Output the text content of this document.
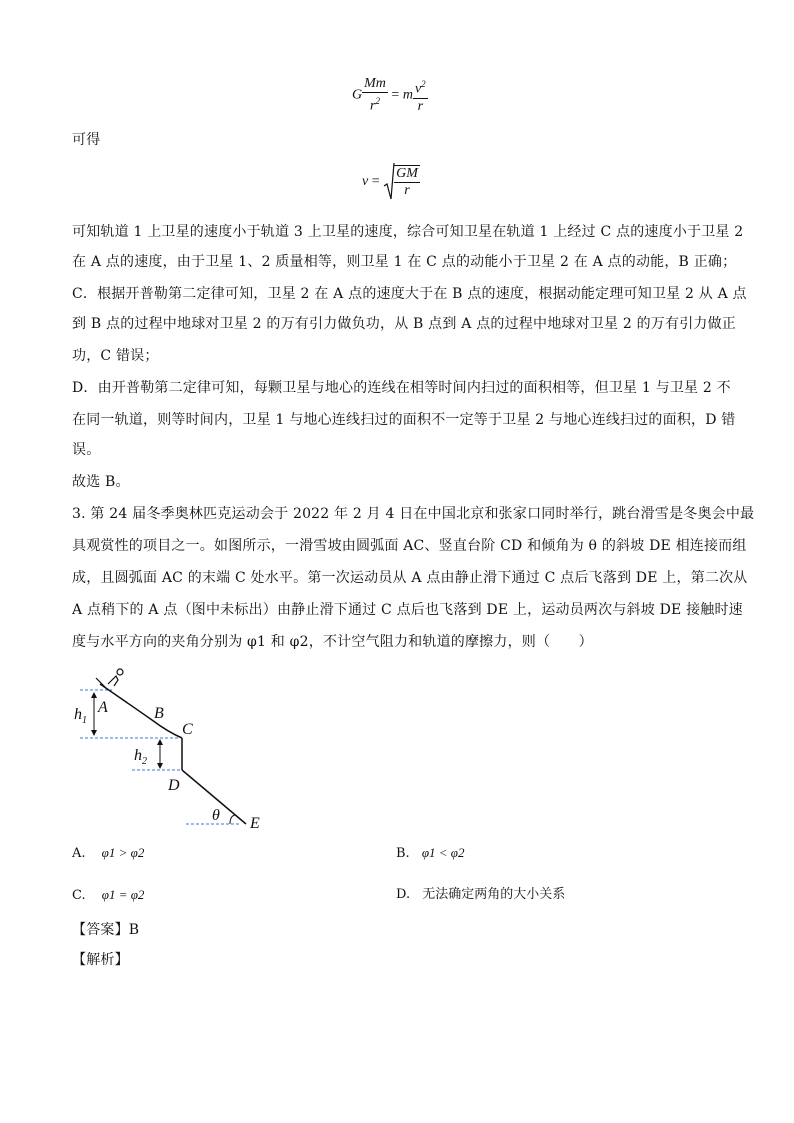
G $\frac{Mm}{r^2} = m \frac{v^2}{r}$
可得
$v = \frac{GM}{r}$
可知轨道 1 上卫星的速度小于轨道 3 上卫星的速度，综合可知卫星在轨道 1 上经过 C 点的速度小于卫星 2
在 A 点的速度，由于卫星 1、2 质量相等，则卫星 1 在 C 点的动能小于卫星 2 在 A 点的动能，B 正确；
C．根据开普勒第二定律可知，卫星 2 在 A 点的速度大于在 B 点的速度，根据动能定理可知卫星 2 从 A 点
到 B 点的过程中地球对卫星 2 的万有引力做负功，从 B 点到 A 点的过程中地球对卫星 2 的万有引力做正
功，C 错误；
D．由开普勒第二定律可知，每颗卫星与地心的连线在相等时间内扫过的面积相等，但卫星 1 与卫星 2 不
在同一轨道，则等时间内，卫星 1 与地心连线扫过的面积不一定等于卫星 2 与地心连线扫过的面积，D 错
误。
故选 B。
3. 第 24 届冬季奥林匹克运动会于 2022 年 2 月 4 日在中国北京和张家口同时举行，跳台滑雪是冬奥会中最
具观赏性的项目之一。如图所示，一滑雪坡由圆弧面 AC、竖直台阶 CD 和倾角为 θ 的斜坡 DE 相连接而组
成，且圆弧面 AC 的末端 C 处水平。第一次运动员从 A 点由静止滑下通过 C 点后飞落到 DE 上，第二次从
A 点稍下的 A 点（图中未标出）由静止滑下通过 C 点后也飞落到 DE 上，运动员两次与斜坡 DE 接触时速
度与水平方向的夹角分别为 φ1 和 φ2，不计空气阻力和轨道的摩擦力，则（　　）
$h_1$
A	B
C
$h_2$
D
θ E
A. φ1 > φ2	B. φ1 < φ2
C. φ1 = φ2	D. 无法确定两角的大小关系
【答案】B
【解析】
